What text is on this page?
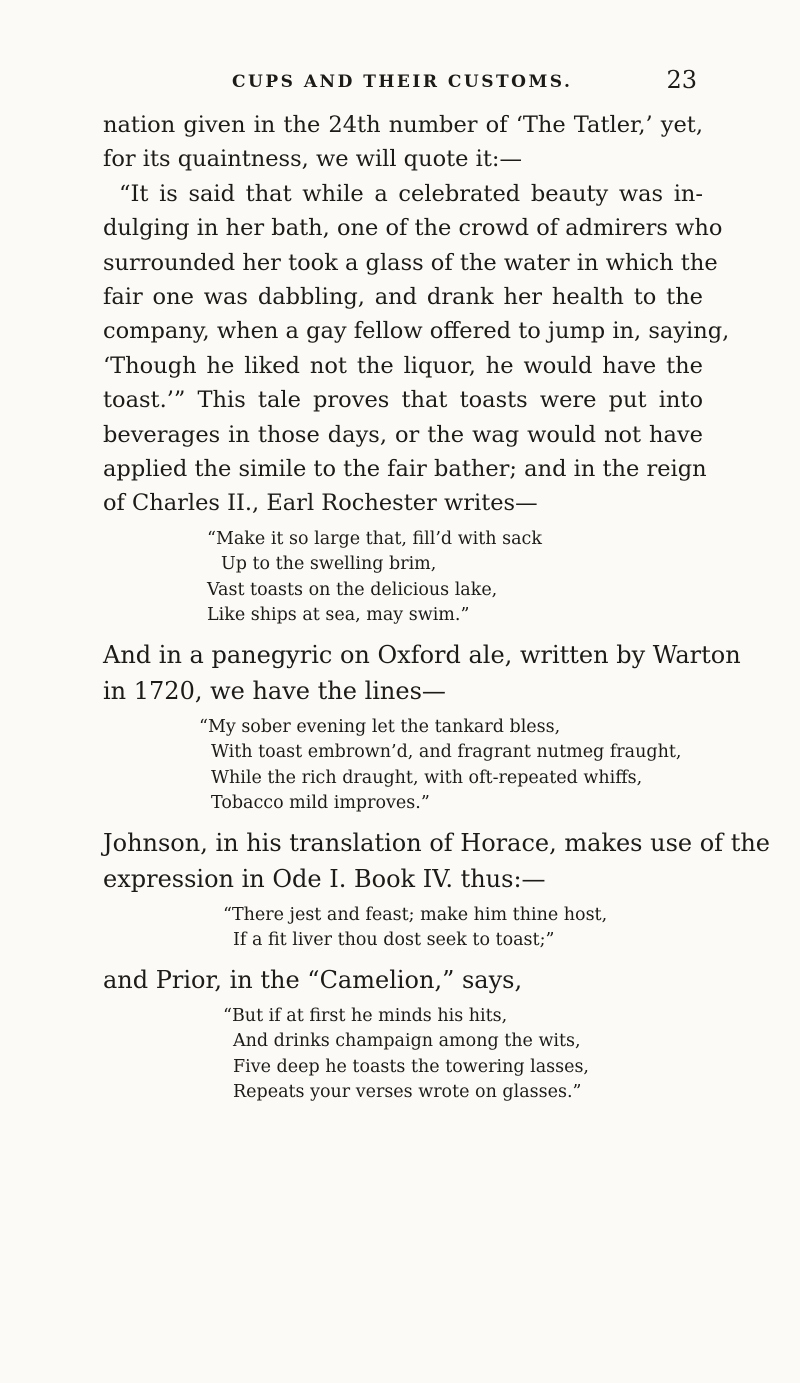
CUPS AND THEIR CUSTOMS.	23
nation given in the 24th number of ‘The Tatler,’ yet,
for its quaintness, we will quote it:—
“It is said that while a celebrated beauty was in-
dulging in her bath, one of the crowd of admirers who
surrounded her took a glass of the water in which the
fair one was dabbling, and drank her health to the
company, when a gay fellow offered to jump in, saying,
‘Though he liked not the liquor, he would have the
toast.’” This tale proves that toasts were put into
beverages in those days, or the wag would not have
applied the simile to the fair bather; and in the reign
of Charles II., Earl Rochester writes—
“Make it so large that, fill’d with sack
Up to the swelling brim,
Vast toasts on the delicious lake,
Like ships at sea, may swim.”
And in a panegyric on Oxford ale, written by Warton
in 1720, we have the lines—
“My sober evening let the tankard bless,
With toast embrown’d, and fragrant nutmeg fraught,
While the rich draught, with oft-repeated whiffs,
Tobacco mild improves.”
Johnson, in his translation of Horace, makes use of the
expression in Ode I. Book IV. thus:—
“There jest and feast; make him thine host,
If a fit liver thou dost seek to toast;”
and Prior, in the “Camelion,” says,
“But if at first he minds his hits,
And drinks champaign among the wits,
Five deep he toasts the towering lasses,
Repeats your verses wrote on glasses.”
